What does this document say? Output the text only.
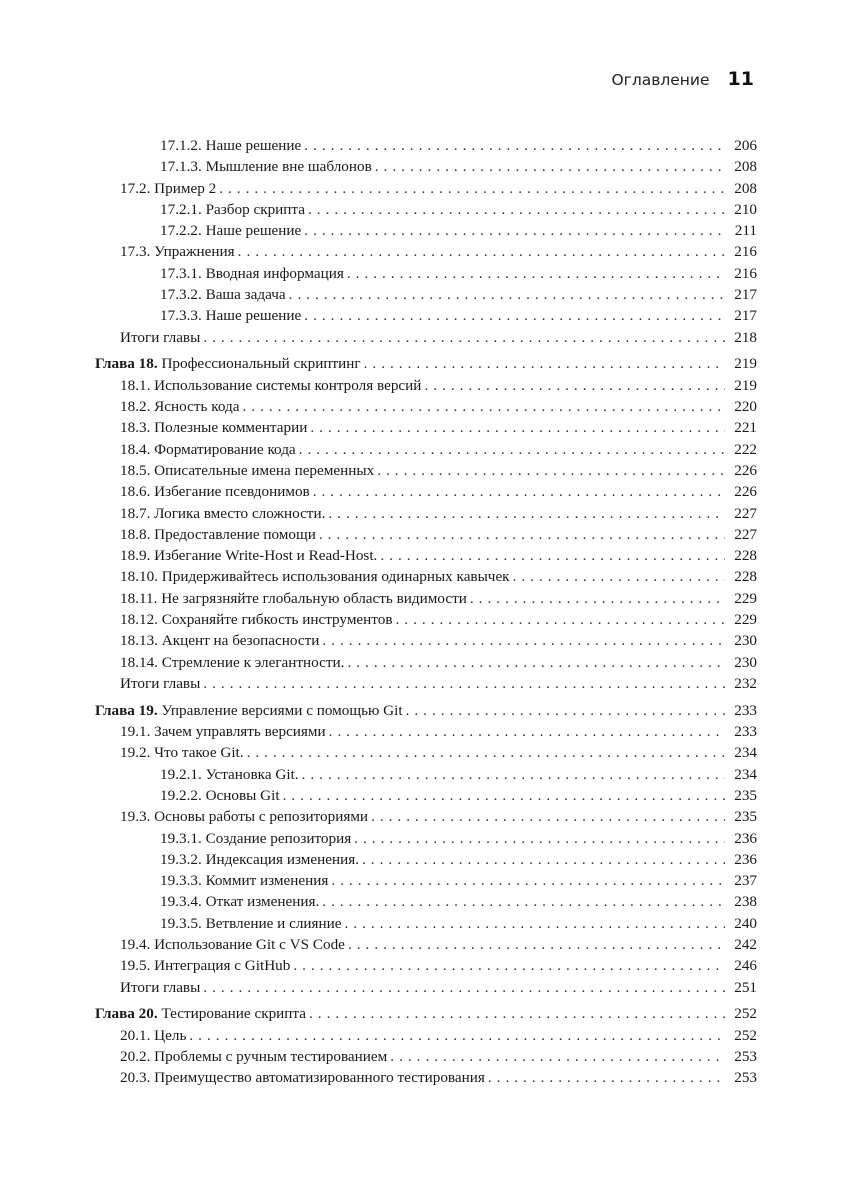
Оглавление 11
17.1.2. Наше решение . . .	206
17.1.3. Мышление вне шаблонов . . .	208
17.2. Пример 2 . . .	208
17.2.1. Разбор скрипта . . .	210
17.2.2. Наше решение . . .	211
17.3. Упражнения . . .	216
17.3.1. Вводная информация . . .	216
17.3.2. Ваша задача . . .	217
17.3.3. Наше решение . . .	217
Итоги главы . . .	218
Глава 18. Профессиональный скриптинг . . .	219
18.1. Использование системы контроля версий . . .	219
18.2. Ясность кода . . .	220
18.3. Полезные комментарии . . .	221
18.4. Форматирование кода . . .	222
18.5. Описательные имена переменных . . .	226
18.6. Избегание псевдонимов . . .	226
18.7. Логика вместо сложности. . . .	227
18.8. Предоставление помощи . . .	227
18.9. Избегание Write-Host и Read-Host. . . .	228
18.10. Придерживайтесь использования одинарных кавычек . . .	228
18.11. Не загрязняйте глобальную область видимости . . .	229
18.12. Сохраняйте гибкость инструментов . . .	229
18.13. Акцент на безопасности . . .	230
18.14. Стремление к элегантности. . . .	230
Итоги главы . . .	232
Глава 19. Управление версиями с помощью Git . . .	233
19.1. Зачем управлять версиями . . .	233
19.2. Что такое Git. . . .	234
19.2.1. Установка Git. . . .	234
19.2.2. Основы Git . . .	235
19.3. Основы работы с репозиториями . . .	235
19.3.1. Создание репозитория . . .	236
19.3.2. Индексация изменения. . . .	236
19.3.3. Коммит изменения . . .	237
19.3.4. Откат изменения. . . .	238
19.3.5. Ветвление и слияние . . .	240
19.4. Использование Git с VS Code . . .	242
19.5. Интеграция с GitHub . . .	246
Итоги главы . . .	251
Глава 20. Тестирование скрипта . . .	252
20.1. Цель . . .	252
20.2. Проблемы с ручным тестированием . . .	253
20.3. Преимущество автоматизированного тестирования . . .	253
